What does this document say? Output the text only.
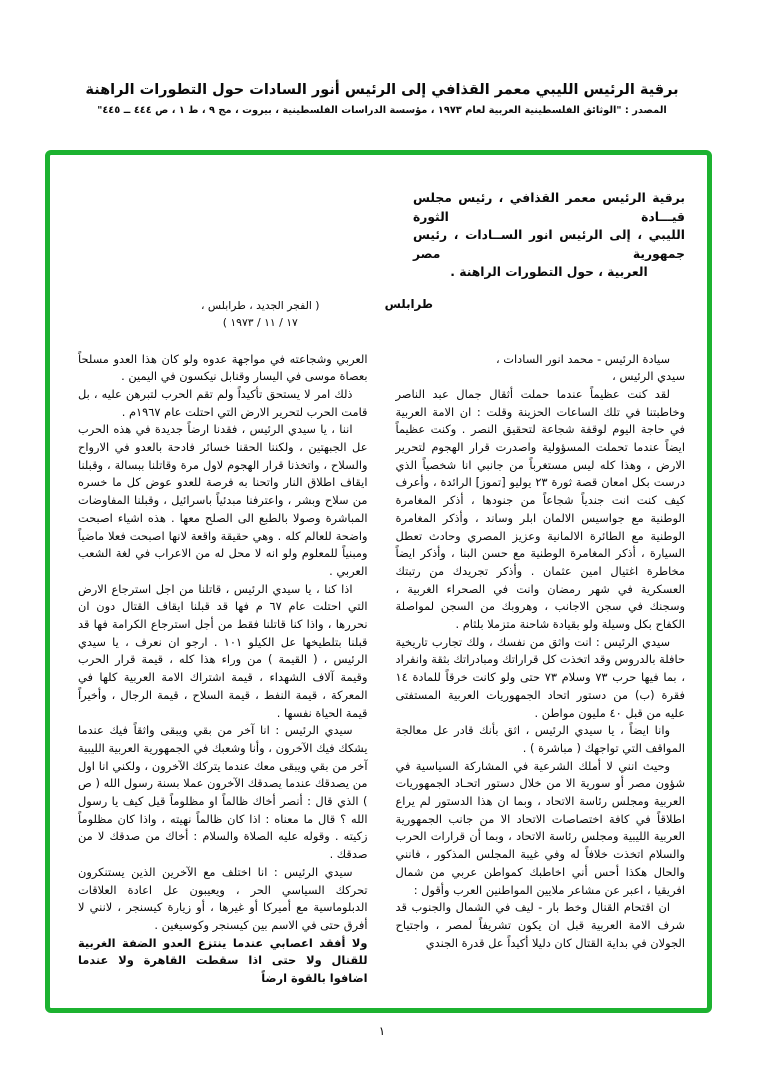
برقية الرئيس الليبي معمر القذافي إلى الرئيس أنور السادات حول التطورات الراهنة
المصدر : "الوثائق الفلسطينية العربية لعام ١٩٧٣ ، مؤسسة الدراسات الفلسطينية ، بيروت ، مج ٩ ، ط ١ ، ص ٤٤٤ ــ ٤٤٥"
برقية الرئيس معمر القذافي ، رئيس مجلس قيـــادة الثورة
الليبي ، إلى الرئيس انور الســادات ، رئيس جمهورية مصر
العربية ، حول التطورات الراهنة .
طرابلس
( الفجر الجديد ، طرابلس ،
١٧ / ١١ / ١٩٧٣ )

سيادة الرئيس - محمد انور السادات ،

سيدي الرئيس ،

لقد كنت عظيماً عندما حملت أثقال جمال عبد الناصر وخاطبتنا في تلك الساعات الحزينة وقلت : ان الامة العربية في حاجة اليوم لوقفة شجاعة لتحقيق النصر . وكنت عظيماً ايضاً عندما تحملت المسؤولية واصدرت قرار الهجوم لتحرير الارض ، وهذا كله ليس مستغرباً من جانبي انا شخصياً الذي درست بكل امعان قصة ثورة ٢٣ يوليو [تموز] الرائدة ، وأعرف كيف كنت انت جندياً شجاعاً من جنودها ، أذكر المغامرة الوطنية مع جواسيس الالمان ابلر وساند ، وأذكر المغامرة الوطنية مع الطائرة الالمانية وعزيز المصري وحادث تعطل السيارة ، أذكر المغامرة الوطنية مع حسن البنا ، وأذكر ايضاً مخاطرة اغتيال امين عثمان . وأذكر تجريدك من رتبتك العسكرية في شهر رمضان وانت في الصحراء الغربية ، وسجنك في سجن الاجانب ، وهروبك من السجن لمواصلة الكفاح بكل وسيلة ولو بقيادة شاحنة متزملا بلثام .

سيدي الرئيس : انت واثق من نفسك ، ولك تجارب تاريخية حافلة بالدروس وقد اتخذت كل قراراتك ومبادراتك بثقة وانفراد ، بما فيها حرب ٧٣ وسلام ٧٣ حتى ولو كانت خرقاً للمادة ١٤ فقرة (ب) من دستور اتحاد الجمهوريات العربية المستفتى عليه من قبل ٤٠ مليون مواطن .

وانا ايضاً ، يا سيدي الرئيس ، اثق بأنك قادر عل معالجة المواقف التي تواجهك ( مباشرة ) .

وحيث انني لا أملك الشرعية في المشاركة السياسية في شؤون مصر أو سورية الا من خلال دستور اتحـاد الجمهوريات العربية ومجلس رئاسة الاتحاد ، وبما ان هذا الدستور لم يراع اطلاقاً في كافة اختصاصات الاتحاد الا من جانب الجمهورية العربية الليبية ومجلس رئاسة الاتحاد ، وبما أن قرارات الحرب والسلام اتخذت خلافاً له وفي غيبة المجلس المذكور ، فانني والحال هكذا أحس أني اخاطبك كمواطن عربي من شمال افريقيا ، اعبر عن مشاعر ملايين المواطنين العرب وأقول :

ان اقتحام القنال وخط بار - ليف في الشمال والجنوب قد شرف الامة العربية قبل ان يكون تشريفاً لمصر ، واجتياح الجولان في بداية القتال كان دليلا أكيداً عل قدرة الجندي

العربي وشجاعته في مواجهة عدوه ولو كان هذا العدو مسلحاً بعصاة موسى في اليسار وقنابل نيكسون في اليمين .

ذلك امر لا يستحق تأكيداً ولم تقم الحرب لتبرهن عليه ، بل قامت الحرب لتحرير الارض التي احتلت عام ١٩٦٧م .

اننا ، يا سيدي الرئيس ، فقدنا ارضاً جديدة في هذه الحرب عل الجبهتين ، ولكننا الحقنا خسائر فادحة بالعدو في الارواح والسلاح ، واتخذنا قرار الهجوم لاول مرة وقاتلنا ببسالة ، وقبلنا ايقاف اطلاق النار واتحنا به فرصة للعدو عوض كل ما خسره من سلاح وبشر ، واعترفنا مبدئياً باسرائيل ، وقبلنا المفاوضات المباشرة وصولا بالطبع الى الصلح معها . هذه اشياء اصبحت واضحة للعالم كله . وهي حقيقة واقعة لانها اصبحت فعلا ماضياً ومبنياً للمعلوم ولو انه لا محل له من الاعراب في لغة الشعب العربي .

اذا كنا ، يا سيدي الرئيس ، قاتلنا من اجل استرجاع الارض التي احتلت عام ٦٧ م فها قد قبلنا ايقاف القتال دون ان نحررها ، واذا كنا قاتلنا فقط من أجل استرجاع الكرامة فها قد قبلنا بتلطيخها عل الكيلو ١٠١ . ارجو ان نعرف ، يا سيدي الرئيس ، ( القيمة ) من وراء هذا كله ، قيمة قرار الحرب وقيمة آلاف الشهداء ، قيمة اشتراك الامة العربية كلها في المعركة ، قيمة النفط ، قيمة السلاح ، قيمة الرجال ، وأخيراً قيمة الحياة نفسها .

سيدي الرئيس : انا آخر من بقي ويبقى واثقاً فيك عندما يشكك فيك الآخرون ، وأنا وشعبك في الجمهورية العربية الليبية آخر من بقي ويبقى معك عندما يتركك الآخرون ، ولكني انا اول من يصدقك عندما يصدقك الآخرون عملا بسنة رسول الله ( ص ) الذي قال : أنصر أخاك ظالماً او مظلوماً قيل كيف يا رسول الله ؟ قال ما معناه : اذا كان ظالماً نهيته ، واذا كان مظلوماً زكيته . وقوله عليه الصلاة والسلام : أخاك من صدقك لا من صدقك .

سيدي الرئيس : انا اختلف مع الآخرين الذين يستنكرون تحركك السياسي الحر ، ويعيبون عل اعادة العلاقات الدبلوماسية مع أميركا أو غيرها ، أو زيارة كيسنجر ، لانني لا أفرق حتى في الاسم بين كيسنجر وكوسيغين .

ولا أفقد اعصابي عندما ينتزع العدو الضفة الغربية للقنال ولا حتى اذا سقطت القاهرة ولا عندما اضافوا بالقوة ارضاً

١
